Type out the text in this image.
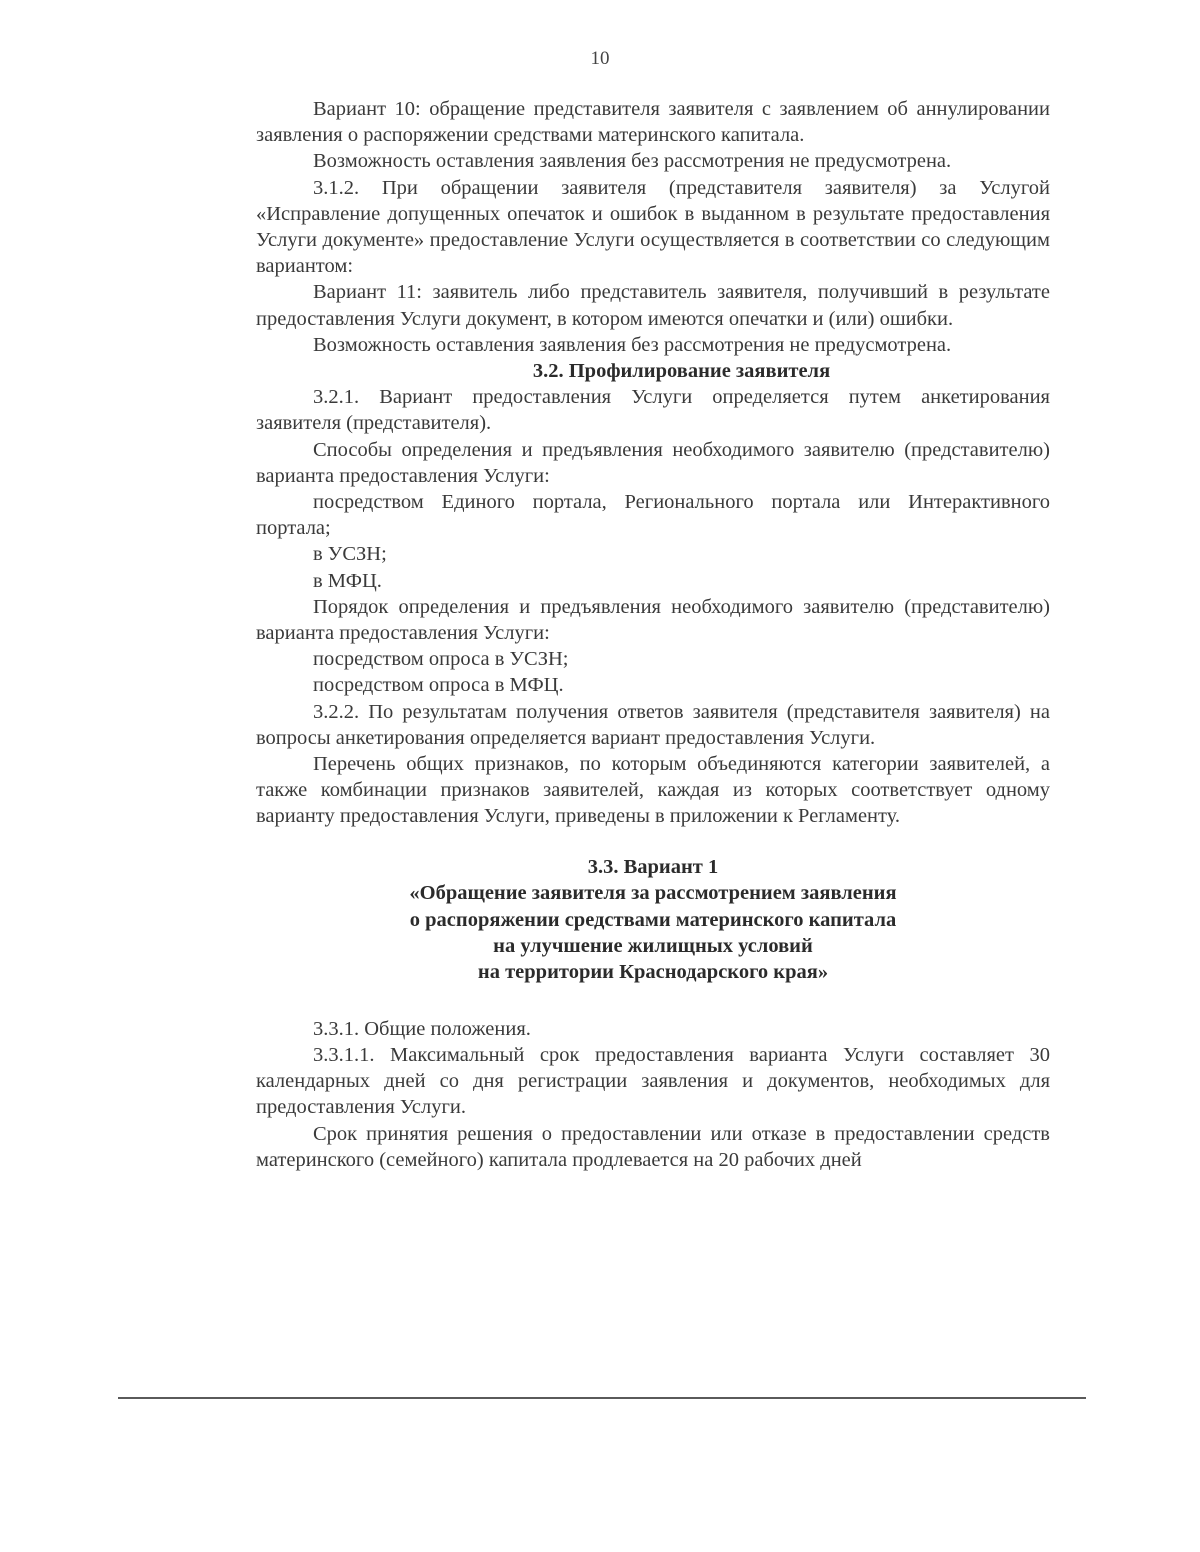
10

Вариант 10: обращение представителя заявителя с заявлением об аннулировании заявления о распоряжении средствами материнского капитала.

Возможность оставления заявления без рассмотрения не предусмотрена.

3.1.2. При обращении заявителя (представителя заявителя) за Услугой «Исправление допущенных опечаток и ошибок в выданном в результате предоставления Услуги документе» предоставление Услуги осуществляется в соответствии со следующим вариантом:

Вариант 11: заявитель либо представитель заявителя, получивший в результате предоставления Услуги документ, в котором имеются опечатки и (или) ошибки.

Возможность оставления заявления без рассмотрения не предусмотрена.

3.2. Профилирование заявителя

3.2.1. Вариант предоставления Услуги определяется путем анкетирования заявителя (представителя).

Способы определения и предъявления необходимого заявителю (представителю) варианта предоставления Услуги:

посредством Единого портала, Регионального портала или Интерактивного портала;

в УСЗН;

в МФЦ.

Порядок определения и предъявления необходимого заявителю (представителю) варианта предоставления Услуги:

посредством опроса в УСЗН;

посредством опроса в МФЦ.

3.2.2. По результатам получения ответов заявителя (представителя заявителя) на вопросы анкетирования определяется вариант предоставления Услуги.

Перечень общих признаков, по которым объединяются категории заявителей, а также комбинации признаков заявителей, каждая из которых соответствует одному варианту предоставления Услуги, приведены в приложении к Регламенту.

3.3. Вариант 1
«Обращение заявителя за рассмотрением заявления
о распоряжении средствами материнского капитала
на улучшение жилищных условий
на территории Краснодарского края»

3.3.1. Общие положения.

3.3.1.1. Максимальный срок предоставления варианта Услуги составляет 30 календарных дней со дня регистрации заявления и документов, необходимых для предоставления Услуги.

Срок принятия решения о предоставлении или отказе в предоставлении средств материнского (семейного) капитала продлевается на 20 рабочих дней
